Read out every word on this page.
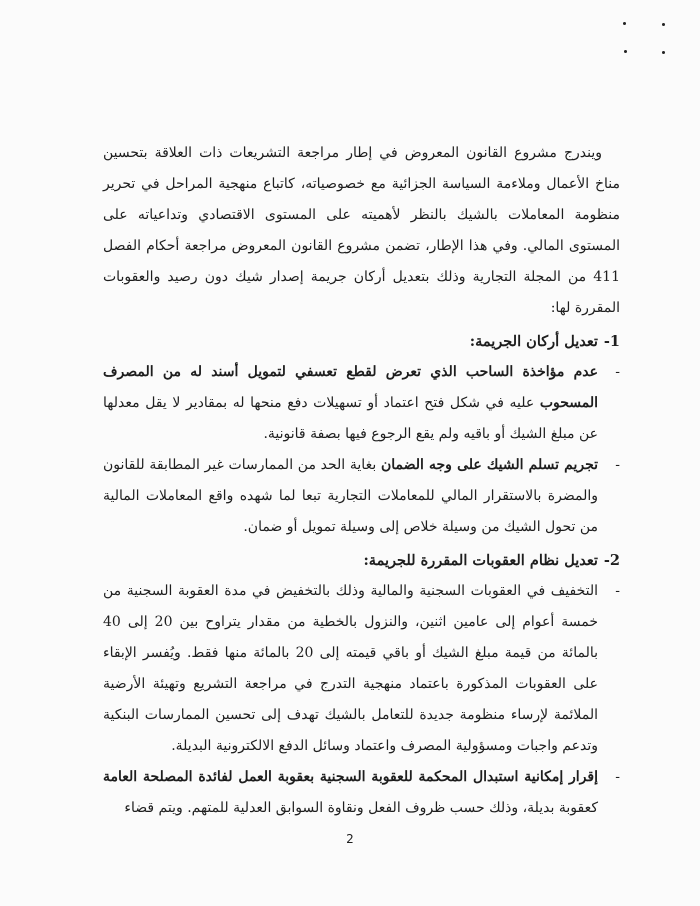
ويندرج مشروع القانون المعروض في إطار مراجعة التشريعات ذات العلاقة بتحسين مناخ الأعمال وملاءمة السياسة الجزائية مع خصوصياته، كاتباع منهجية المراحل في تحرير منظومة المعاملات بالشيك بالنظر لأهميته على المستوى الاقتصادي وتداعياته على المستوى المالي. وفي هذا الإطار، تضمن مشروع القانون المعروض مراجعة أحكام الفصل 411 من المجلة التجارية وذلك بتعديل أركان جريمة إصدار شيك دون رصيد والعقوبات المقررة لها:

1-تعديل أركان الجريمة:

-
عدم مؤاخذة الساحب الذي تعرض لقطع تعسفي لتمويل أسند له من المصرف المسحوب عليه في شكل فتح اعتماد أو تسهيلات دفع منحها له بمقادير لا يقل معدلها عن مبلغ الشيك أو باقيه ولم يقع الرجوع فيها بصفة قانونية.

-
تجريم تسلم الشيك على وجه الضمان بغاية الحد من الممارسات غير المطابقة للقانون والمضرة بالاستقرار المالي للمعاملات التجارية تبعا لما شهده واقع المعاملات المالية من تحول الشيك من وسيلة خلاص إلى وسيلة تمويل أو ضمان.

2-تعديل نظام العقوبات المقررة للجريمة:

-
التخفيف في العقوبات السجنية والمالية وذلك بالتخفيض في مدة العقوبة السجنية من خمسة أعوام إلى عامين اثنين، والنزول بالخطية من مقدار يتراوح بين 20 إلى 40 بالمائة من قيمة مبلغ الشيك أو باقي قيمته إلى 20 بالمائة منها فقط. ويُفسر الإبقاء على العقوبات المذكورة باعتماد منهجية التدرج في مراجعة التشريع وتهيئة الأرضية الملائمة لإرساء منظومة جديدة للتعامل بالشيك تهدف إلى تحسين الممارسات البنكية وتدعم واجبات ومسؤولية المصرف واعتماد وسائل الدفع الالكترونية البديلة.

-
إقرار إمكانية استبدال المحكمة للعقوبة السجنية بعقوبة العمل لفائدة المصلحة العامة كعقوبة بديلة، وذلك حسب ظروف الفعل ونقاوة السوابق العدلية للمتهم. ويتم قضاء

2
